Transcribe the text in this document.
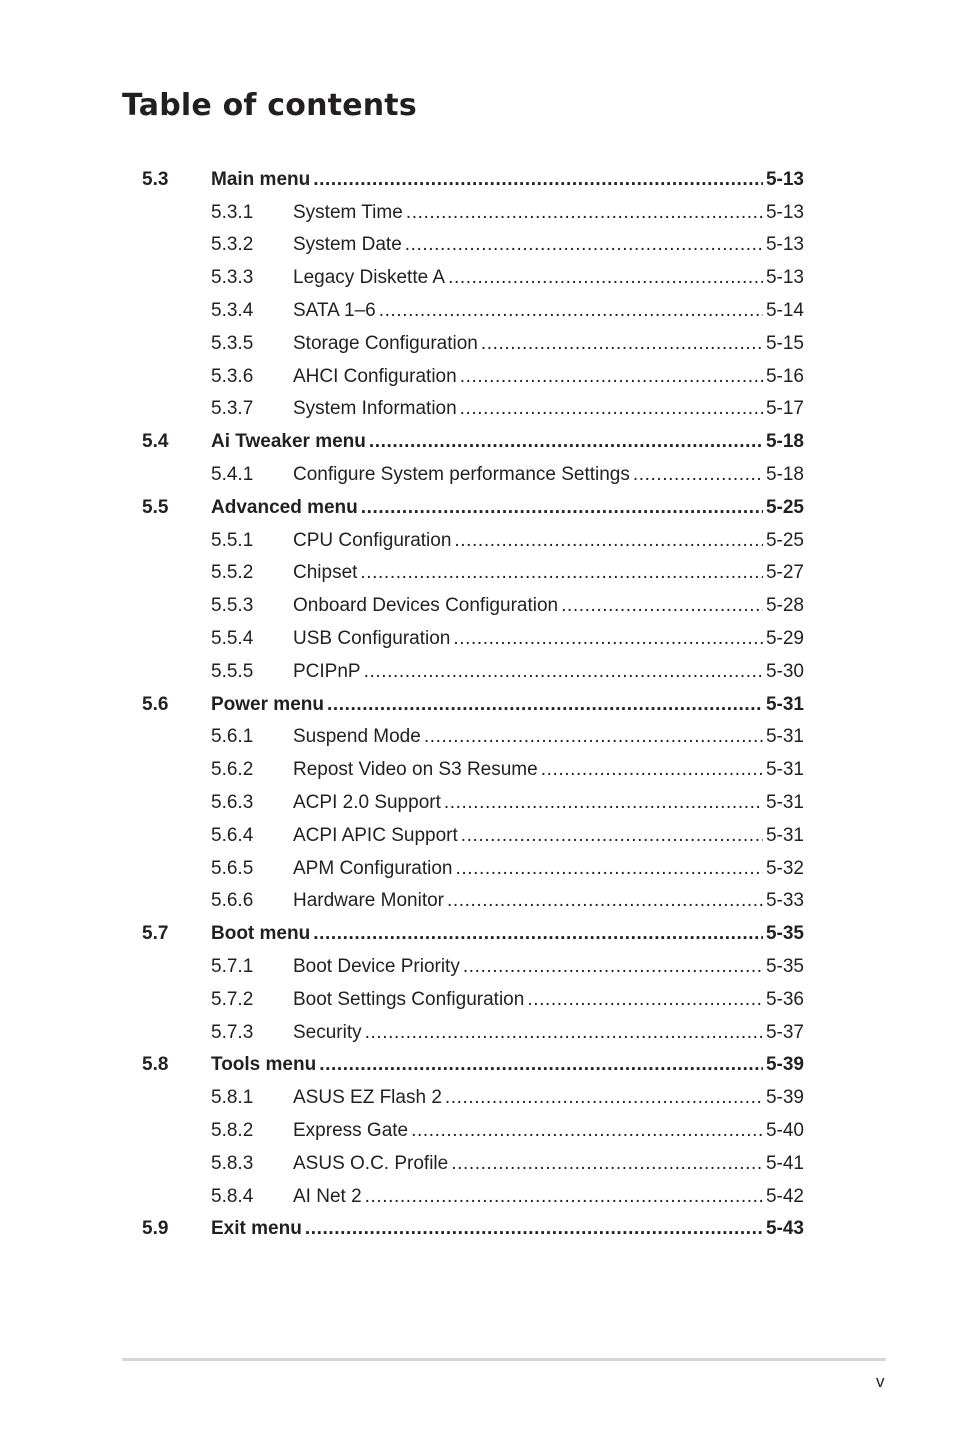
Table of contents
5.3 Main menu .....	5-13
5.3.1 System Time .....	5-13
5.3.2 System Date .....	5-13
5.3.3 Legacy Diskette A .....	5-13
5.3.4 SATA 1–6 .....	5-14
5.3.5 Storage Configuration .....	5-15
5.3.6 AHCI Configuration .....	5-16
5.3.7 System Information .....	5-17
5.4 Ai Tweaker menu .....	5-18
5.4.1 Configure System performance Settings .....	5-18
5.5 Advanced menu .....	5-25
5.5.1 CPU Configuration .....	5-25
5.5.2 Chipset .....	5-27
5.5.3 Onboard Devices Configuration .....	5-28
5.5.4 USB Configuration .....	5-29
5.5.5 PCIPnP .....	5-30
5.6 Power menu .....	5-31
5.6.1 Suspend Mode .....	5-31
5.6.2 Repost Video on S3 Resume .....	5-31
5.6.3 ACPI 2.0 Support .....	5-31
5.6.4 ACPI APIC Support .....	5-31
5.6.5 APM Configuration .....	5-32
5.6.6 Hardware Monitor .....	5-33
5.7 Boot menu .....	5-35
5.7.1 Boot Device Priority .....	5-35
5.7.2 Boot Settings Configuration .....	5-36
5.7.3 Security .....	5-37
5.8 Tools menu .....	5-39
5.8.1 ASUS EZ Flash 2 .....	5-39
5.8.2 Express Gate .....	5-40
5.8.3 ASUS O.C. Profile .....	5-41
5.8.4 AI Net 2 .....	5-42
5.9 Exit menu .....	5-43
v
